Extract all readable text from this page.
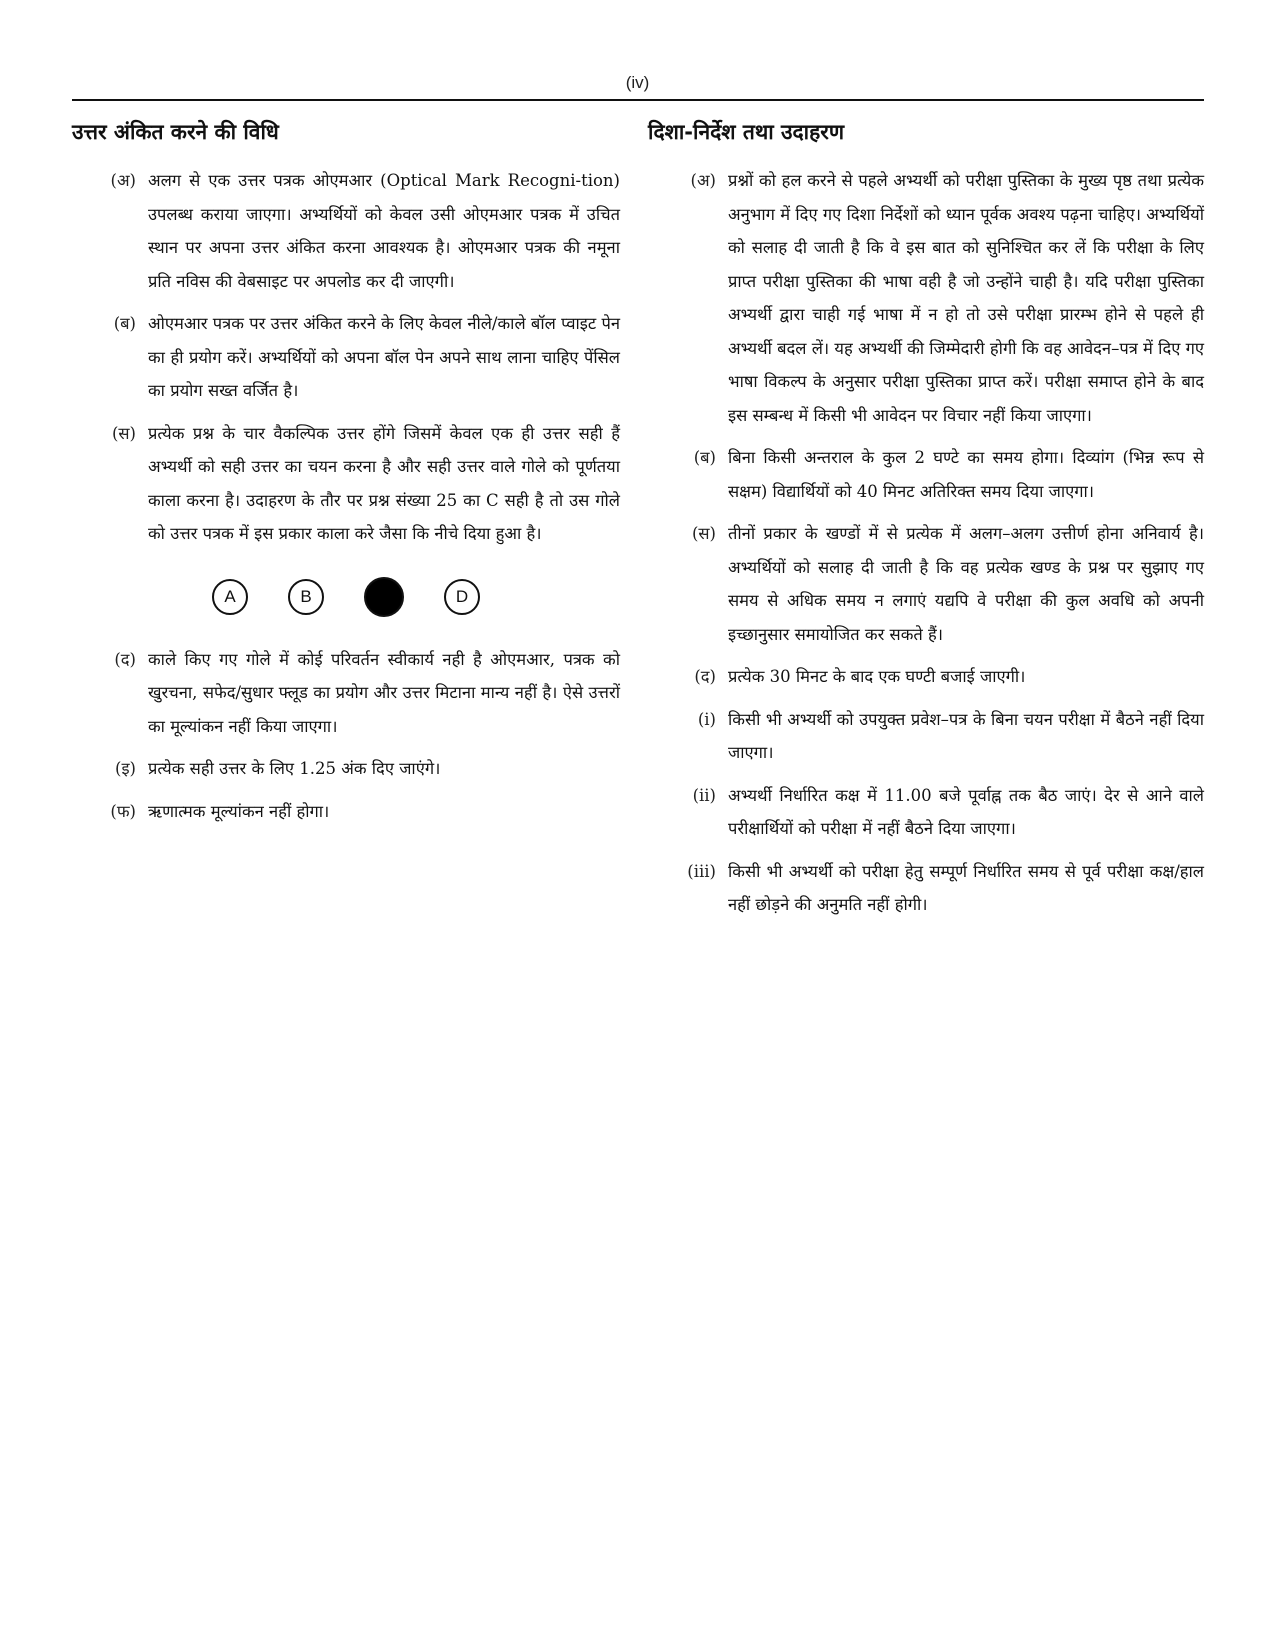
(iv)
उत्तर अंकित करने की विधि
(अ) अलग से एक उत्तर पत्रक ओएमआर (Optical Mark Recogni-tion) उपलब्ध कराया जाएगा। अभ्यर्थियों को केवल उसी ओएमआर पत्रक में उचित स्थान पर अपना उत्तर अंकित करना आवश्यक है। ओएमआर पत्रक की नमूना प्रति नविस की वेबसाइट पर अपलोड कर दी जाएगी।
(ब) ओएमआर पत्रक पर उत्तर अंकित करने के लिए केवल नीले/काले बॉल प्वाइट पेन का ही प्रयोग करें। अभ्यर्थियों को अपना बॉल पेन अपने साथ लाना चाहिए पेंसिल का प्रयोग सख्त वर्जित है।
(स) प्रत्येक प्रश्न के चार वैकल्पिक उत्तर होंगे जिसमें केवल एक ही उत्तर सही हैं अभ्यर्थी को सही उत्तर का चयन करना है और सही उत्तर वाले गोले को पूर्णतया काला करना है। उदाहरण के तौर पर प्रश्न संख्या 25 का C सही है तो उस गोले को उत्तर पत्रक में इस प्रकार काला करे जैसा कि नीचे दिया हुआ है।
A	B	D
(द) काले किए गए गोले में कोई परिवर्तन स्वीकार्य नही है ओएमआर, पत्रक को खुरचना, सफेद/सुधार फ्लूड का प्रयोग और उत्तर मिटाना मान्य नहीं है। ऐसे उत्तरों का मूल्यांकन नहीं किया जाएगा।
(इ) प्रत्येक सही उत्तर के लिए 1.25 अंक दिए जाएंगे।
(फ) ऋणात्मक मूल्यांकन नहीं होगा।
दिशा-निर्देश तथा उदाहरण
(अ) प्रश्नों को हल करने से पहले अभ्यर्थी को परीक्षा पुस्तिका के मुख्य पृष्ठ तथा प्रत्येक अनुभाग में दिए गए दिशा निर्देशों को ध्यान पूर्वक अवश्य पढ़ना चाहिए। अभ्यर्थियों को सलाह दी जाती है कि वे इस बात को सुनिश्चित कर लें कि परीक्षा के लिए प्राप्त परीक्षा पुस्तिका की भाषा वही है जो उन्होंने चाही है। यदि परीक्षा पुस्तिका अभ्यर्थी द्वारा चाही गई भाषा में न हो तो उसे परीक्षा प्रारम्भ होने से पहले ही अभ्यर्थी बदल लें। यह अभ्यर्थी की जिम्मेदारी होगी कि वह आवेदन–पत्र में दिए गए भाषा विकल्प के अनुसार परीक्षा पुस्तिका प्राप्त करें। परीक्षा समाप्त होने के बाद इस सम्बन्ध में किसी भी आवेदन पर विचार नहीं किया जाएगा।
(ब) बिना किसी अन्तराल के कुल 2 घण्टे का समय होगा। दिव्यांग (भिन्न रूप से सक्षम) विद्यार्थियों को 40 मिनट अतिरिक्त समय दिया जाएगा।
(स) तीनों प्रकार के खण्डों में से प्रत्येक में अलग–अलग उत्तीर्ण होना अनिवार्य है। अभ्यर्थियों को सलाह दी जाती है कि वह प्रत्येक खण्ड के प्रश्न पर सुझाए गए समय से अधिक समय न लगाएं यद्यपि वे परीक्षा की कुल अवधि को अपनी इच्छानुसार समायोजित कर सकते हैं।
(द) प्रत्येक 30 मिनट के बाद एक घण्टी बजाई जाएगी।
(i) किसी भी अभ्यर्थी को उपयुक्त प्रवेश–पत्र के बिना चयन परीक्षा में बैठने नहीं दिया जाएगा।
(ii) अभ्यर्थी निर्धारित कक्ष में 11.00 बजे पूर्वाह्न तक बैठ जाएं। देर से आने वाले परीक्षार्थियों को परीक्षा में नहीं बैठने दिया जाएगा।
(iii) किसी भी अभ्यर्थी को परीक्षा हेतु सम्पूर्ण निर्धारित समय से पूर्व परीक्षा कक्ष/हाल नहीं छोड़ने की अनुमति नहीं होगी।
